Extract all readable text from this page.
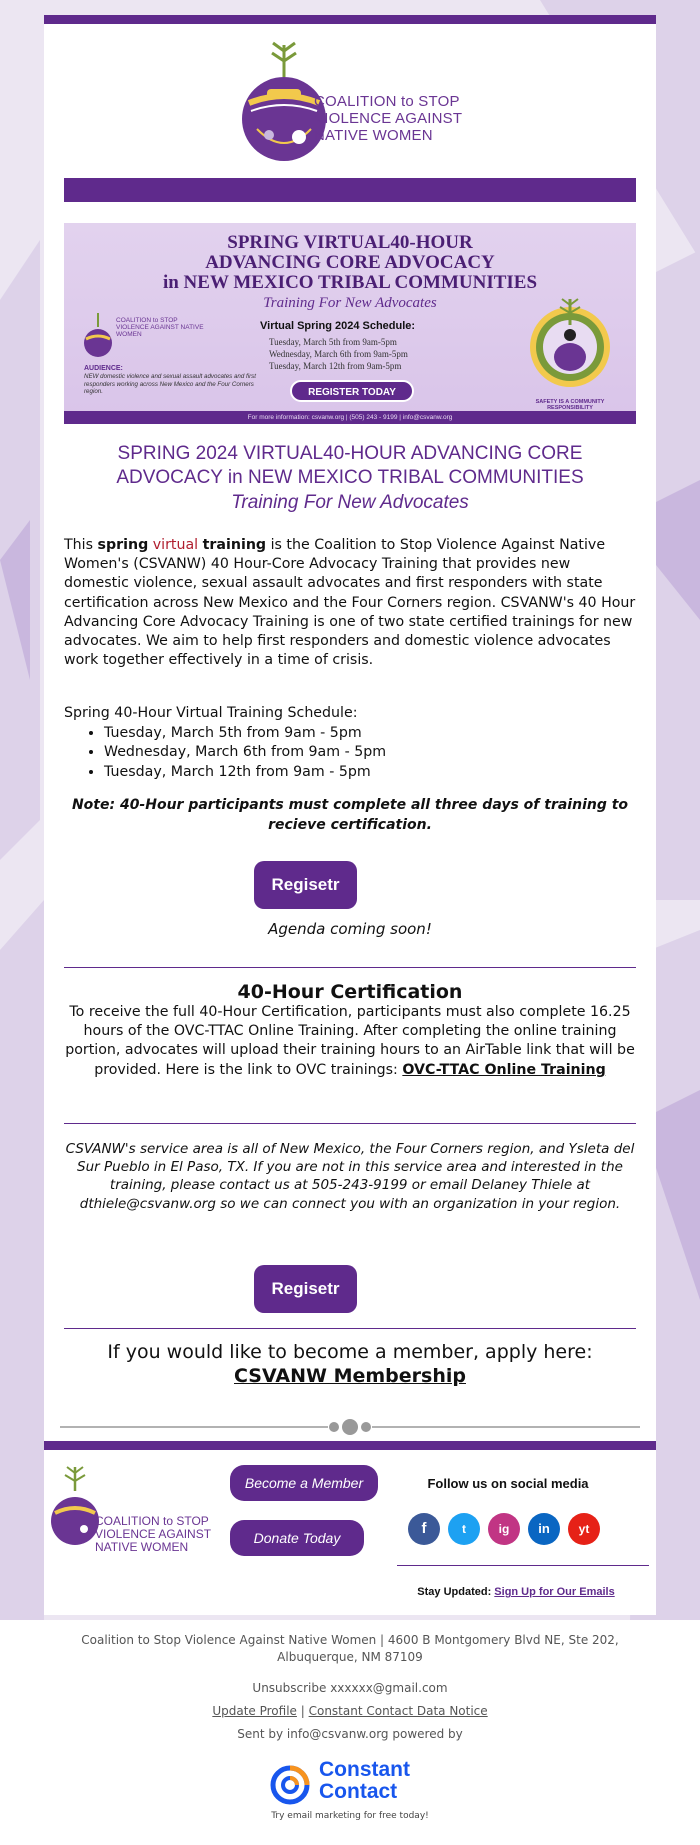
COALITION to STOP
VIOLENCE AGAINST
NATIVE WOMEN
SPRING VIRTUAL40-HOUR
ADVANCING CORE ADVOCACY
in NEW MEXICO TRIBAL COMMUNITIES
Training For New Advocates
COALITION to STOP VIOLENCE AGAINST NATIVE WOMEN
Virtual Spring 2024 Schedule:
Tuesday, March 5th from 9am-5pm
Wednesday, March 6th from 9am-5pm
Tuesday, March 12th from 9am-5pm
REGISTER TODAY
AUDIENCE:
NEW domestic violence and sexual assault advocates and first responders working across New Mexico and the Four Corners region.
SAFETY IS A COMMUNITY RESPONSIBILITY
For more information: csvanw.org | (505) 243 - 9199 | info@csvanw.org
SPRING 2024 VIRTUAL40-HOUR ADVANCING CORE
ADVOCACY in NEW MEXICO TRIBAL COMMUNITIES
Training For New Advocates
This spring virtual training is the Coalition to Stop Violence Against Native Women's (CSVANW) 40 Hour-Core Advocacy Training that provides new domestic violence, sexual assault advocates and first responders with state certification across New Mexico and the Four Corners region. CSVANW's 40 Hour Advancing Core Advocacy Training is one of two state certified trainings for new advocates. We aim to help first responders and domestic violence advocates work together effectively in a time of crisis.
Spring 40-Hour Virtual Training Schedule:
• Tuesday, March 5th from 9am - 5pm
• Wednesday, March 6th from 9am - 5pm
• Tuesday, March 12th from 9am - 5pm
Note: 40-Hour participants must complete all three days of training to recieve certification.
Regisetr
Agenda coming soon!
40-Hour Certification
To receive the full 40-Hour Certification, participants must also complete 16.25 hours of the OVC-TTAC Online Training. After completing the online training portion, advocates will upload their training hours to an AirTable link that will be provided. Here is the link to OVC trainings: OVC-TTAC Online Training
CSVANW's service area is all of New Mexico, the Four Corners region, and Ysleta del Sur Pueblo in El Paso, TX. If you are not in this service area and interested in the training, please contact us at 505-243-9199 or email Delaney Thiele at dthiele@csvanw.org so we can connect you with an organization in your region.
Regisetr
If you would like to become a member, apply here: CSVANW Membership
COALITION to STOP
VIOLENCE AGAINST
NATIVE WOMEN
Become a Member
Donate Today
Follow us on social media
f	t	ig	in	yt
Stay Updated: Sign Up for Our Emails
Coalition to Stop Violence Against Native Women | 4600 B Montgomery Blvd NE, Ste 202,
Albuquerque, NM 87109
Unsubscribe xxxxxx@gmail.com
Update Profile | Constant Contact Data Notice
Sent by info@csvanw.org powered by
Constant
Contact
Try email marketing for free today!
